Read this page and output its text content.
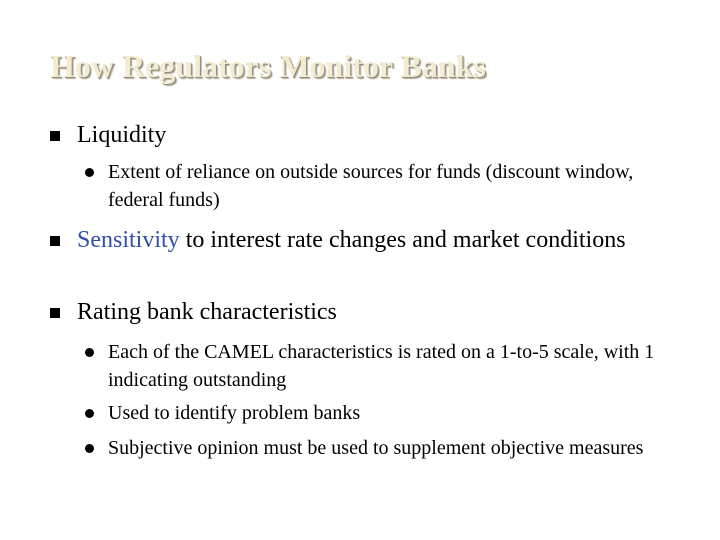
How Regulators Monitor Banks
Liquidity
Extent of reliance on outside sources for funds (discount window, federal funds)
Sensitivity to interest rate changes and market conditions
Rating bank characteristics
Each of the CAMEL characteristics is rated on a 1-to-5 scale, with 1 indicating outstanding
Used to identify problem banks
Subjective opinion must be used to supplement objective measures
